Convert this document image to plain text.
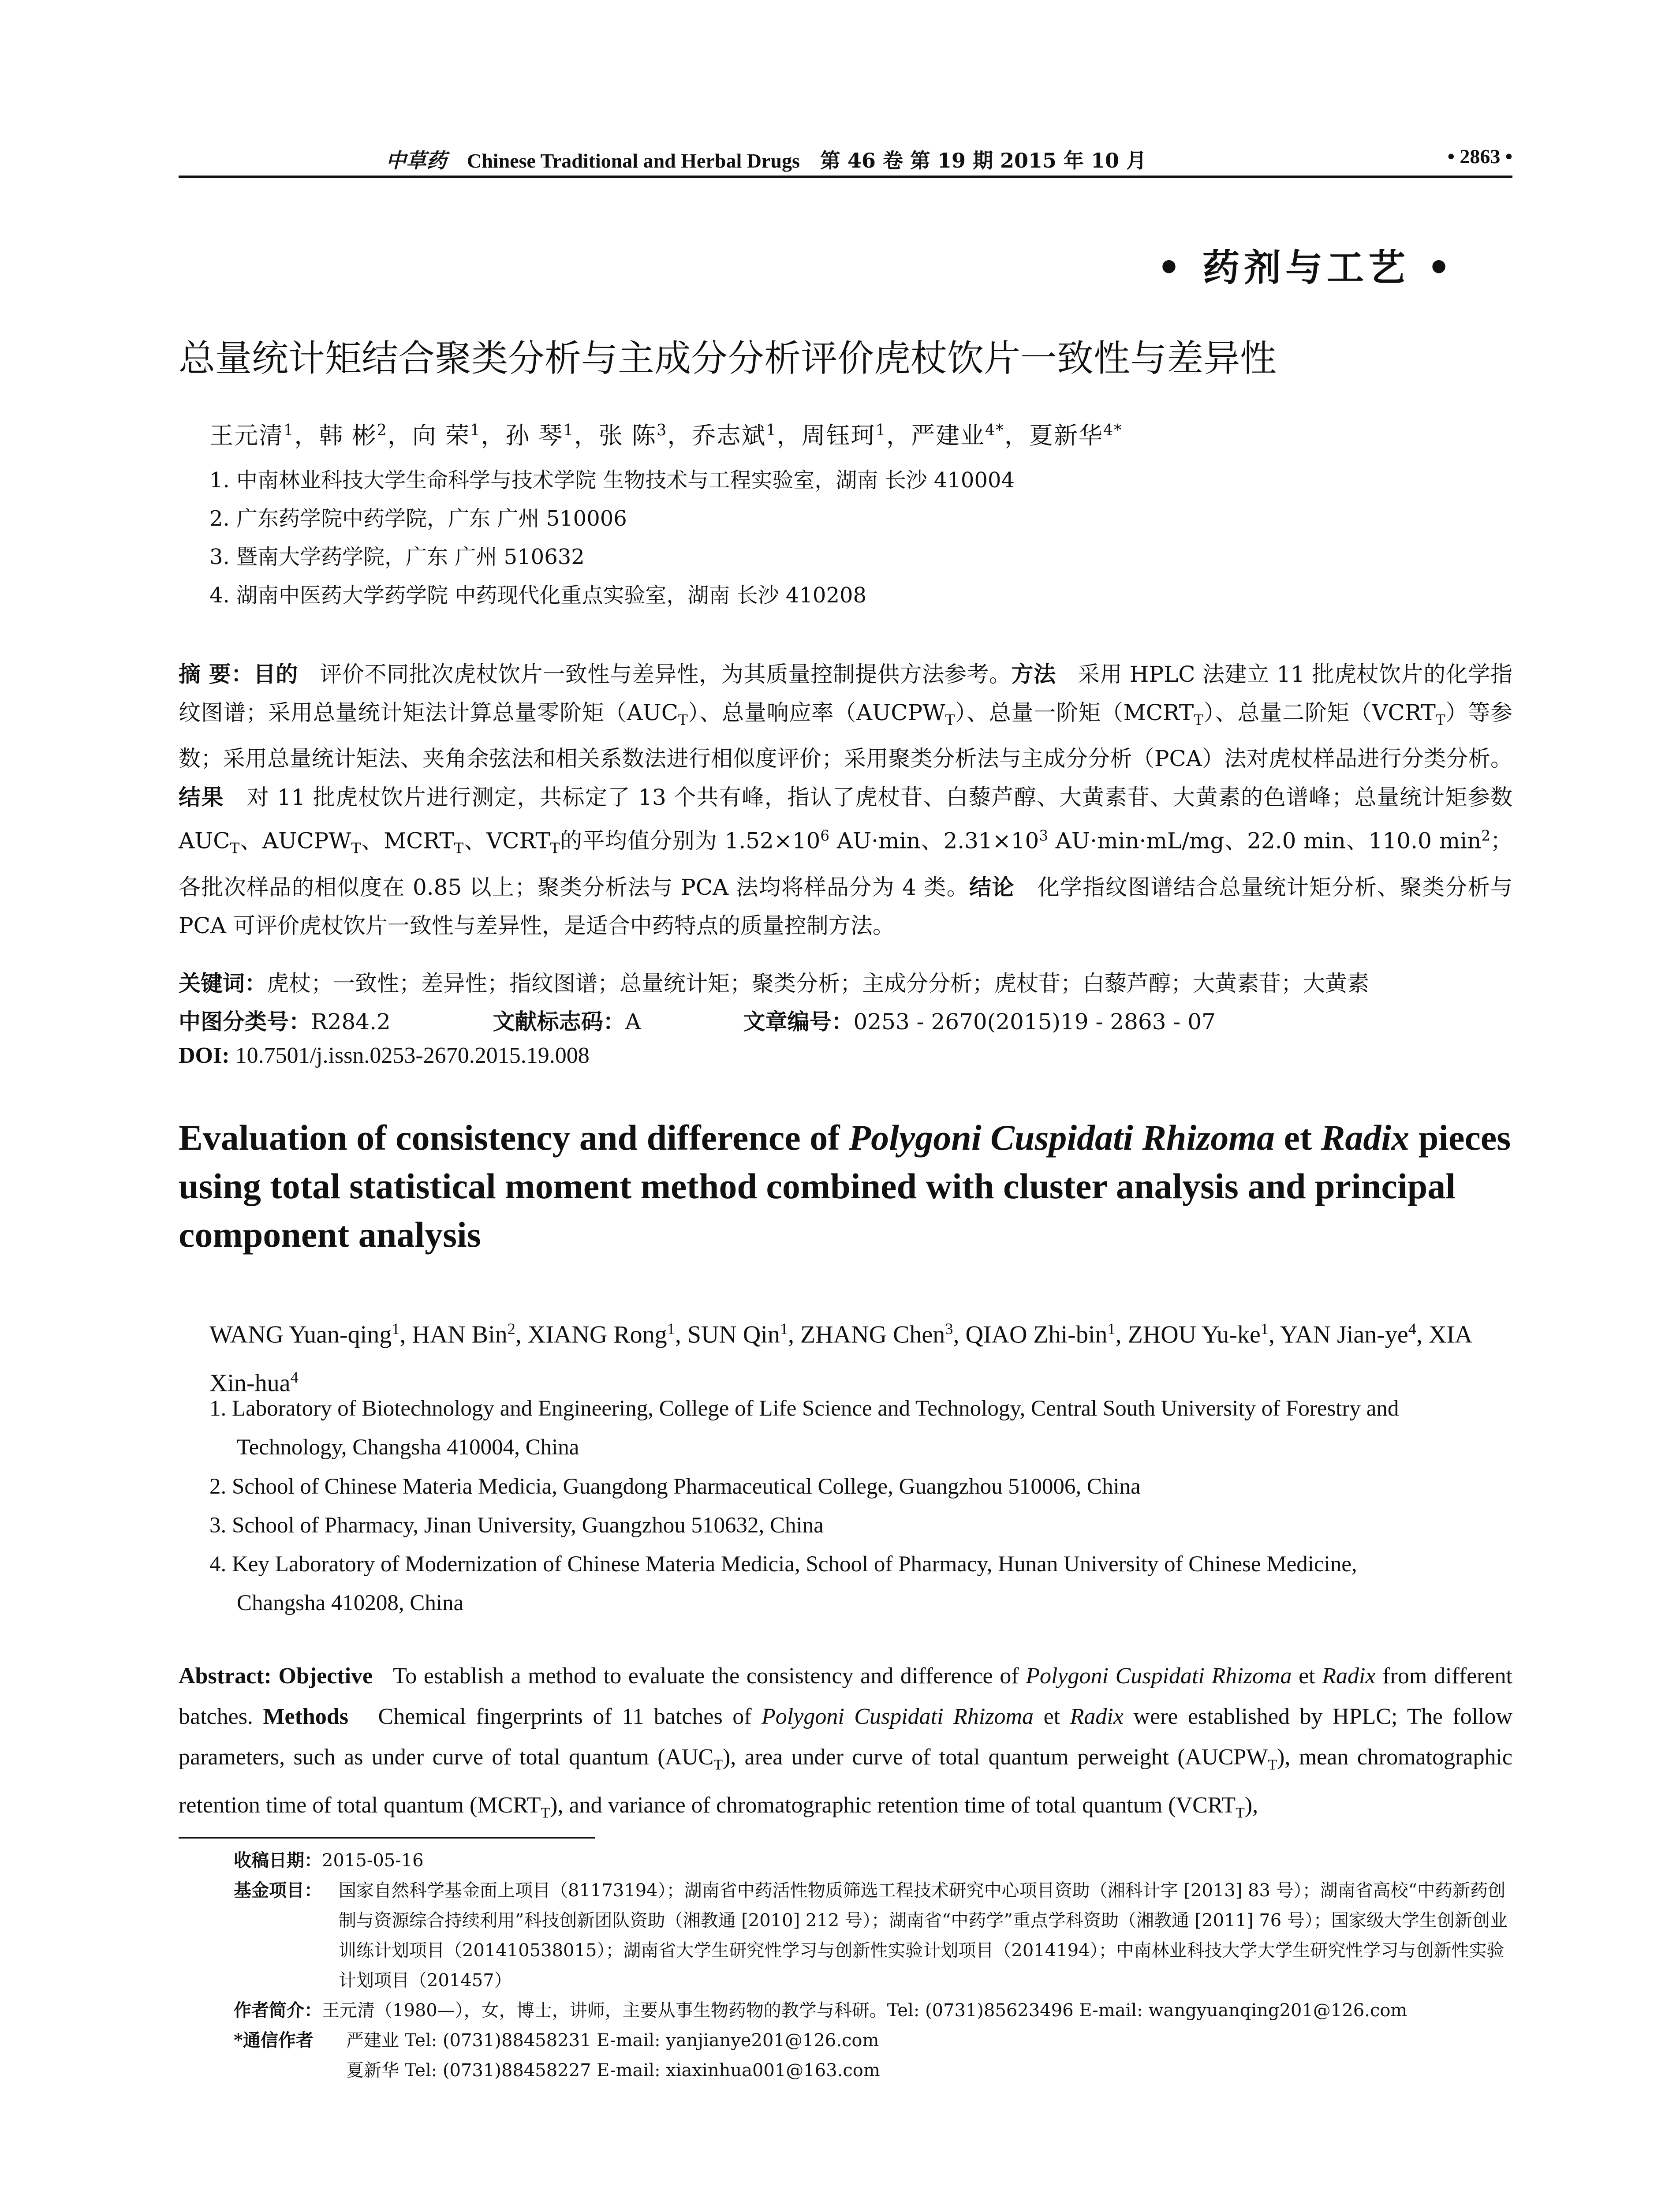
中草药 Chinese Traditional and Herbal Drugs 第 46 卷 第 19 期 2015 年 10 月	• 2863 •
• 药剂与工艺 •
总量统计矩结合聚类分析与主成分分析评价虎杖饮片一致性与差异性
王元清$^1$，韩 彬$^2$，向 荣$^1$，孙 琴$^1$，张 陈$^3$，乔志斌$^1$，周钰珂$^1$，严建业$^{4*}$，夏新华$^{4*}$
1. 中南林业科技大学生命科学与技术学院 生物技术与工程实验室，湖南 长沙 410004
2. 广东药学院中药学院，广东 广州 510006
3. 暨南大学药学院，广东 广州 510632
4. 湖南中医药大学药学院 中药现代化重点实验室，湖南 长沙 410208
摘 要：目的 评价不同批次虎杖饮片一致性与差异性，为其质量控制提供方法参考。方法 采用 HPLC 法建立 11 批虎杖饮片的化学指纹图谱；采用总量统计矩法计算总量零阶矩$(AUC_T)$、总量响应率$(AUCPW_T)$、总量一阶矩$(MCRT_T)$、总量二阶矩$(VCRT_T)$等参数；采用总量统计矩法、夹角余弦法和相关系数法进行相似度评价；采用聚类分析法与主成分分析（PCA）法对虎杖样品进行分类分析。结果 对 11 批虎杖饮片进行测定，共标定了 13 个共有峰，指认了虎杖苷、白藜芦醇、大黄素苷、大黄素的色谱峰；总量统计矩参数 $AUC_T$、$AUCPW_T$、$MCRT_T$、$VCRT_T$的平均值分别为 $1.52\times 10^6$ AU·min、$2.31\times 10^3$ AU·min·mL/mg、22.0 min、110.0 $\min^2$；各批次样品的相似度在 0.85 以上；聚类分析法与 PCA 法均将样品分为 4 类。结论 化学指纹图谱结合总量统计矩分析、聚类分析与 PCA 可评价虎杖饮片一致性与差异性，是适合中药特点的质量控制方法。
关键词：虎杖；一致性；差异性；指纹图谱；总量统计矩；聚类分析；主成分分析；虎杖苷；白藜芦醇；大黄素苷；大黄素
中图分类号：R284.2	文献标志码：A	文章编号：0253 - 2670(2015)19 - 2863 - 07
DOI: 10.7501/j.issn.0253-2670.2015.19.008
Evaluation of consistency and difference of Polygoni Cuspidati Rhizoma et Radix pieces using total statistical moment method combined with cluster analysis and principal component analysis
WANG Yuan-qing$^1$, HAN Bin$^2$, XIANG Rong$^1$, SUN Qin$^1$, ZHANG Chen$^3$, QIAO Zhi-bin$^1$, ZHOU $Yu-ke^1$, YAN Jian-$ye^4$, XIA Xin-hua$^4$
1. Laboratory of Biotechnology and Engineering, College of Life Science and Technology, Central South University of Forestry and
Technology, Changsha 410004, China
2. School of Chinese Materia Medicia, Guangdong Pharmaceutical College, Guangzhou 510006, China
3. School of Pharmacy, Jinan University, Guangzhou 510632, China
4. Key Laboratory of Modernization of Chinese Materia Medicia, School of Pharmacy, Hunan University of Chinese Medicine,
Changsha 410208, China
Abstract: Objective To establish a method to evaluate the consistency and difference of Polygoni Cuspidati Rhizoma et Radix from different batches. Methods Chemical fingerprints of 11 batches of Polygoni Cuspidati Rhizoma et Radix were established by HPLC; The follow parameters, such as under curve of total quantum $(AUC_T)$, area under curve of total quantum perweight $(AUCPW_T)$, mean chromatographic retention time of total quantum $(MCRT_T)$, and variance of chromatographic retention time of total quantum $(VCRT_T)$,
收稿日期：2015-05-16
基金项目： 国家自然科学基金面上项目（81173194）；湖南省中药活性物质筛选工程技术研究中心项目资助（湘科计字 [2013] 83 号）；湖南省高校“中药新药创制与资源综合持续利用”科技创新团队资助（湘教通 [2010] 212 号）；湖南省“中药学”重点学科资助（湘教通 [2011] 76 号）；国家级大学生创新创业训练计划项目（201410538015）；湖南省大学生研究性学习与创新性实验计划项目（2014194）；中南林业科技大学大学生研究性学习与创新性实验计划项目（201457）
作者简介：王元清（1980—），女，博士，讲师，主要从事生物药物的教学与科研。Tel: (0731)85623496 E-mail: wangyuanqing201@126.com
*通信作者	严建业 Tel: (0731)88458231 E-mail: yanjianye201@126.com
夏新华 Tel: (0731)88458227 E-mail: xiaxinhua001@163.com
